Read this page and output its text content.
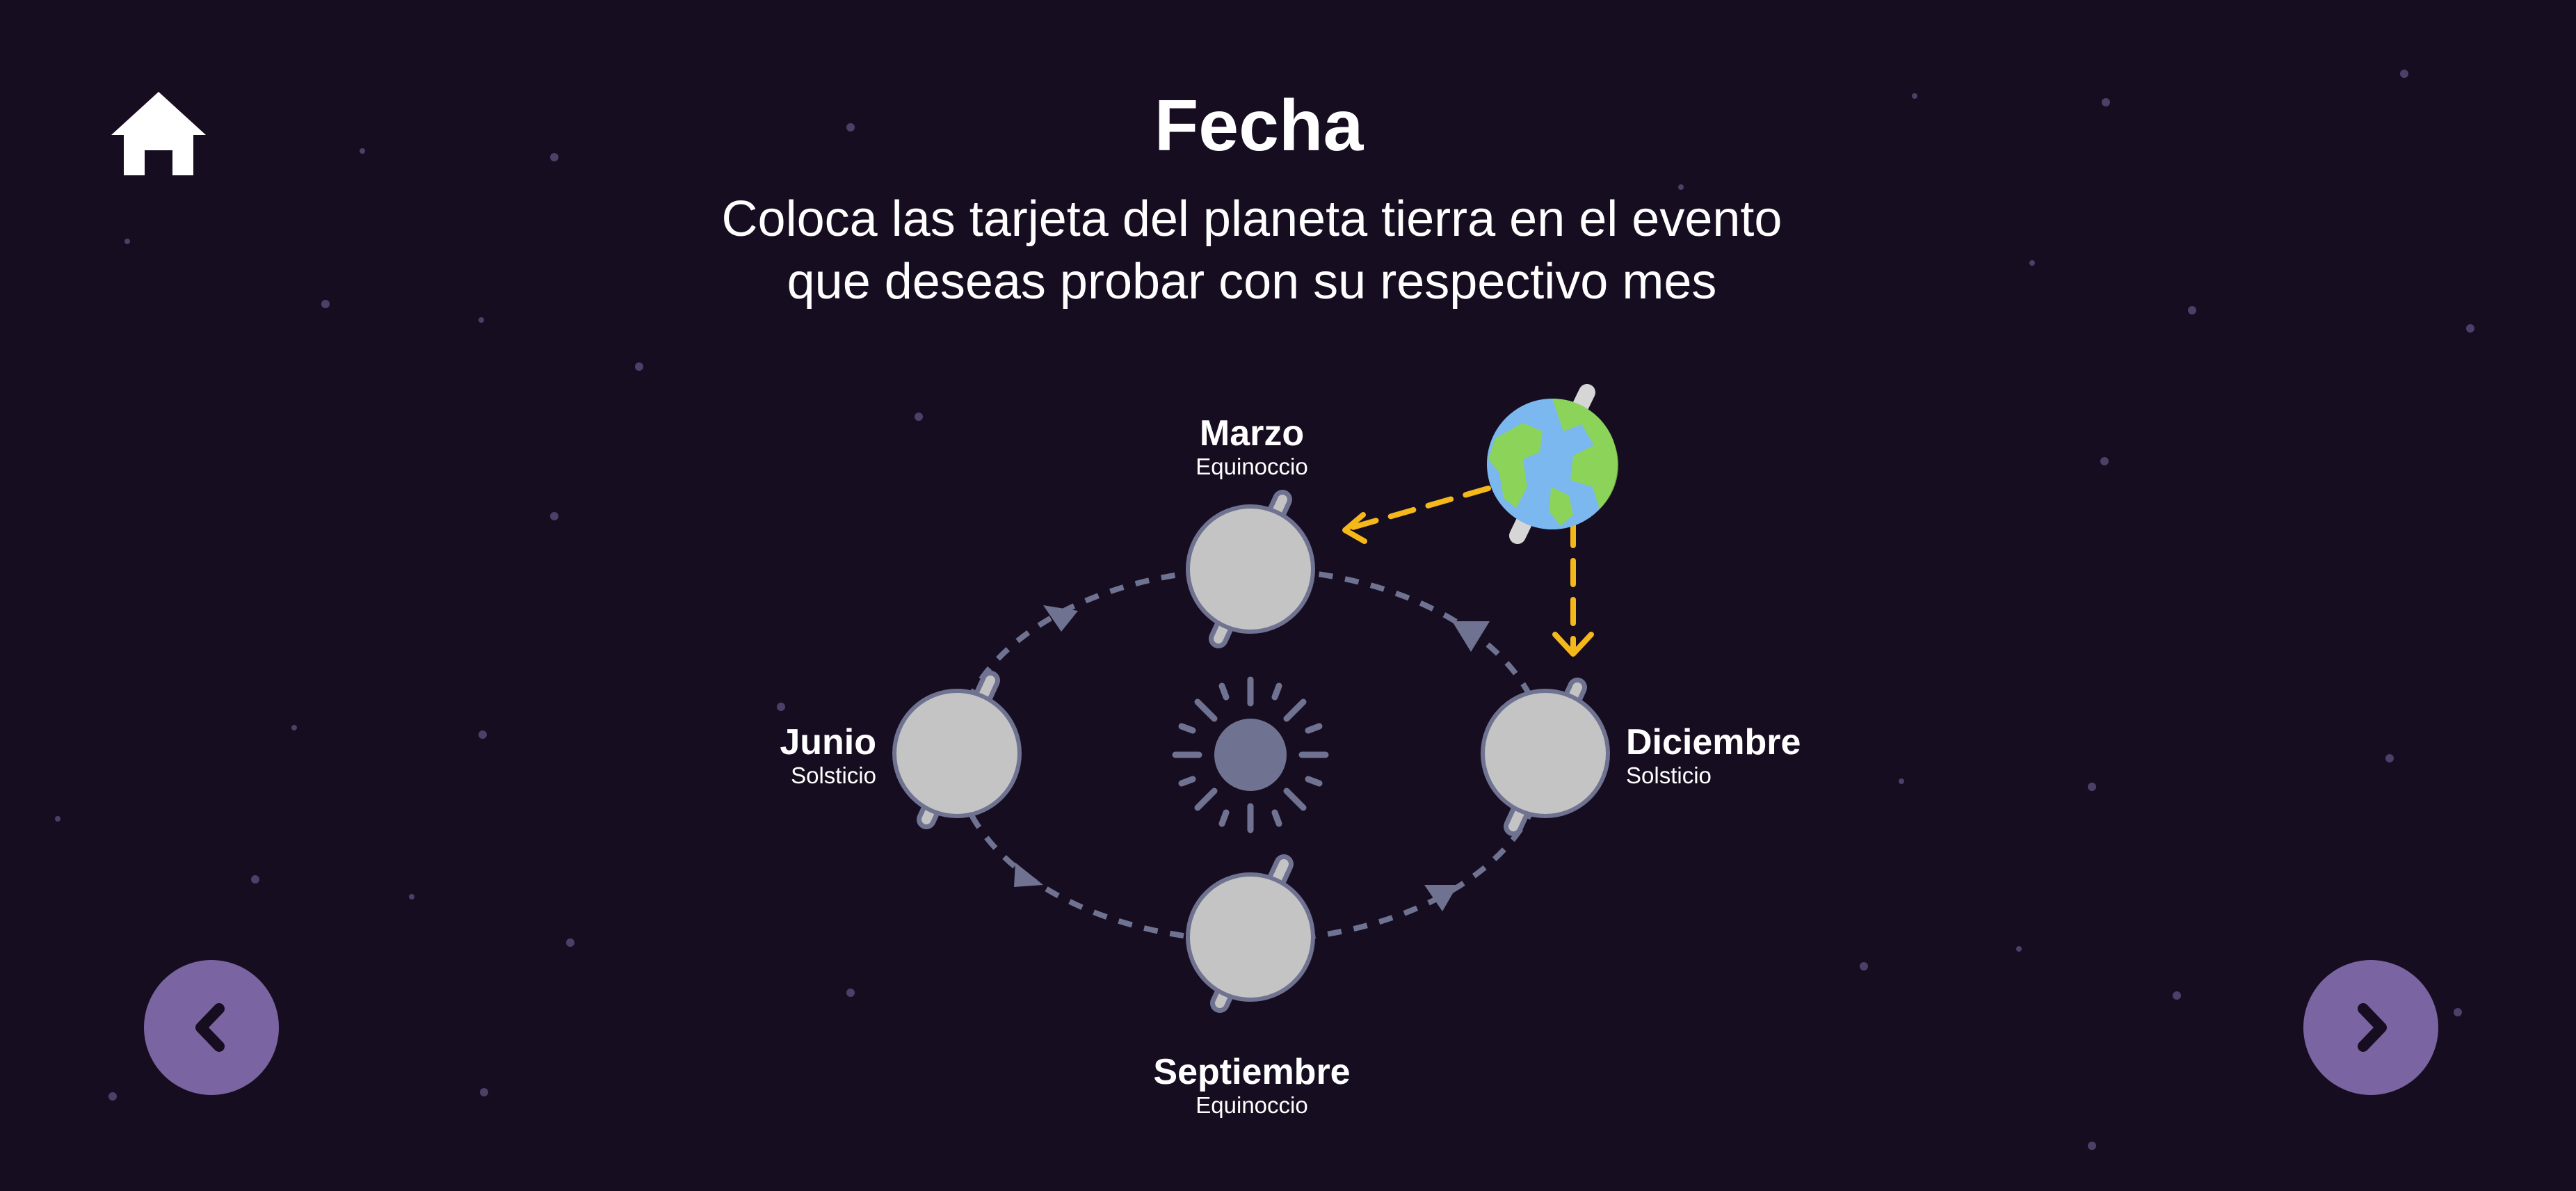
Fecha

Coloca las tarjeta del planeta tierra en el evento
que deseas probar con su respectivo mes

Marzo
Equinoccio
Junio
Solsticio
Diciembre
Solsticio
Septiembre
Equinoccio
